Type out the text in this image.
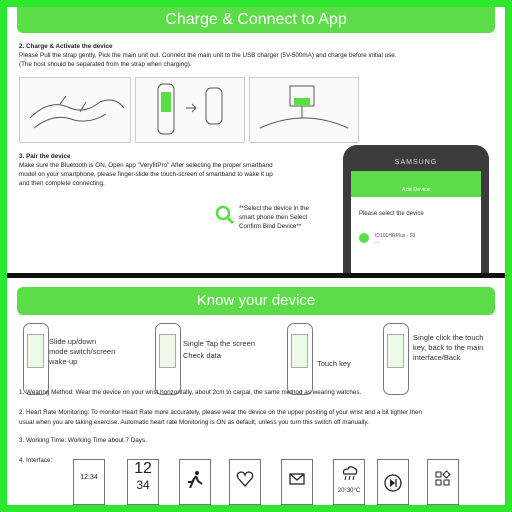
Charge & Connect to App
2. Charge & Activate the device
Please Pull the strap gently, Pick the main unit out. Connect the main unit to the USB charger (5V-500mA) and charge before initial use.
(The host should be separated from the strap when charging).
3. Pair the device
Make sure the Bluetooth is ON, Open app "VeryfitPro" After selecting the proper smartband
model on your smartphone, please finger-slide the touch-screen of smartband to wake it up
and then complete connecting.
**Select the device in the
smart phone then Select
Confirm Bind Device**
SAMSUNG
Add Device
Please select the device
ID101HRPlus - 93
...
Know your device
Slide up/down
mode switch/screen
wake-up
Single Tap the screen
Check data
Touch key
Single click the touch
key, back to the main
interface/Back
1. Wearing Method: Wear the device on your wrist horizontally, about 2cm to carpal, the same method as wearing watches.
2. Heart Rate Monitoring: To monitor Heart Rate more accurately, please wear the device on the upper positing of your wrist and a bit tighter then
usual when you are taking exercise. Automatic heart rate Monitoring is ON as default, unless you turn this switch off manually.
3. Working Time: Working Time about 7 Days.
4. Interface:
12:34
12
34	20°30°C
